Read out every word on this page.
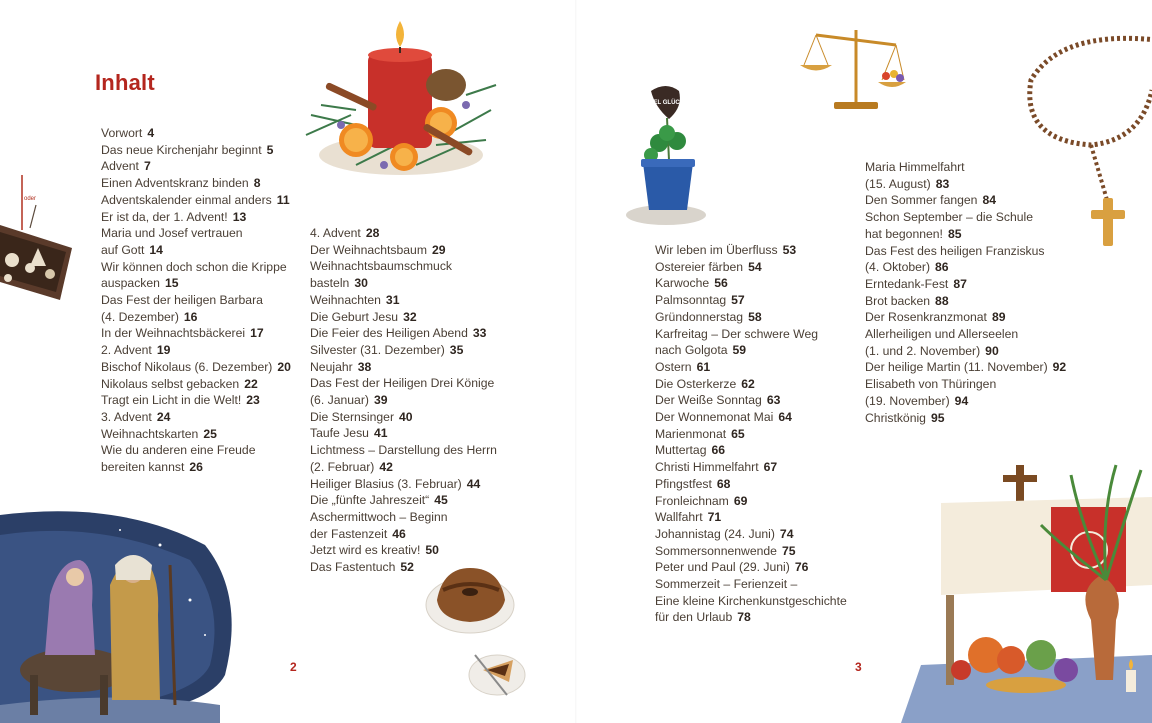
Inhalt
oder
Vorwort 4
Das neue Kirchenjahr beginnt 5
Advent 7
Einen Adventskranz binden 8
Adventskalender einmal anders 11
Er ist da, der 1. Advent! 13
Maria und Josef vertrauen
auf Gott 14
Wir können doch schon die Krippe
auspacken 15
Das Fest der heiligen Barbara
(4. Dezember) 16
In der Weihnachtsbäckerei 17
2. Advent 19
Bischof Nikolaus (6. Dezember) 20
Nikolaus selbst gebacken 22
Tragt ein Licht in die Welt! 23
3. Advent 24
Weihnachtskarten 25
Wie du anderen eine Freude
bereiten kannst 26
4. Advent 28
Der Weihnachtsbaum 29
Weihnachtsbaumschmuck
basteln 30
Weihnachten 31
Die Geburt Jesu 32
Die Feier des Heiligen Abend 33
Silvester (31. Dezember) 35
Neujahr 38
Das Fest der Heiligen Drei Könige
(6. Januar) 39
Die Sternsinger 40
Taufe Jesu 41
Lichtmess – Darstellung des Herrn
(2. Februar) 42
Heiliger Blasius (3. Februar) 44
Die „fünfte Jahreszeit“ 45
Aschermittwoch – Beginn
der Fastenzeit 46
Jetzt wird es kreativ! 50
Das Fastentuch 52
2
VIEL GLÜCK
Wir leben im Überfluss 53
Ostereier färben 54
Karwoche 56
Palmsonntag 57
Gründonnerstag 58
Karfreitag – Der schwere Weg
nach Golgota 59
Ostern 61
Die Osterkerze 62
Der Weiße Sonntag 63
Der Wonnemonat Mai 64
Marienmonat 65
Muttertag 66
Christi Himmelfahrt 67
Pfingstfest 68
Fronleichnam 69
Wallfahrt 71
Johannistag (24. Juni) 74
Sommersonnenwende 75
Peter und Paul (29. Juni) 76
Sommerzeit – Ferienzeit –
Eine kleine Kirchenkunstgeschichte
für den Urlaub 78
Maria Himmelfahrt
(15. August) 83
Den Sommer fangen 84
Schon September – die Schule
hat begonnen! 85
Das Fest des heiligen Franziskus
(4. Oktober) 86
Erntedank-Fest 87
Brot backen 88
Der Rosenkranzmonat 89
Allerheiligen und Allerseelen
(1. und 2. November) 90
Der heilige Martin (11. November) 92
Elisabeth von Thüringen
(19. November) 94
Christkönig 95
3
